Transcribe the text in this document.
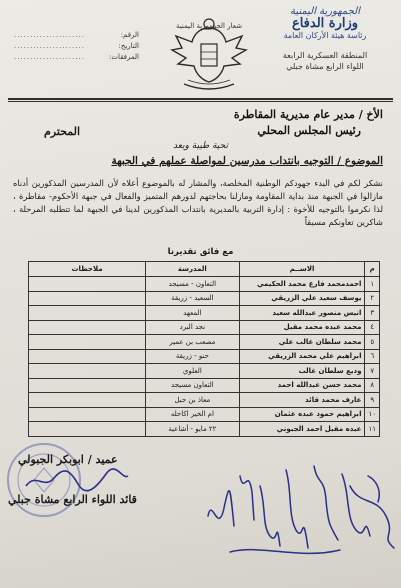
الجمهورية اليمنية
وزارة الدفاع
رئاسة هيئة الأركان العامة
المنطقة العسكرية الرابعة
اللواء الرابع مشاة جبلي
شعار الجمهورية اليمنية
الرقم:
......................
التاريخ:
......................
المرفقات:
......................
الأخ / مدير عام مديرية المقاطرة
رئيس المجلس المحلي
المحترم
تحية طيبة وبعد
الموضوع / التوجيه بانتداب مدرسين لمواصلة عملهم في الجبهة
نشكر لكم في البدء جهودكم الوطنية المخلصة، والمشار له بالموضوع أعلاه لأن المدرسين المذكورين أدناه مازالوا في الجبهة منذ بداية المقاومة ومازلنا بحاجتهم لدورهم المتميز والفعال في جبهة الأحكوم- مقاطرة ، لذا نكرموا بالتوجيه للأخوة : إدارة التربية بالمديرية بانتداب المذكورين لدينا في الجبهة لما تتطلبه المرحلة ، شاكرين تعاونكم مسبقاً
مع فائق تقديرنا
م	الاســم	المدرسة	ملاحظات
١	احمدمحمد فارع محمد الحكيمي	التعاون - مسيجد	
٢	يوسف سعيد علي الزريقي	السعيد - زريقة	
٣	انيس منصور عبدالله سعيد	المعهد	
٤	محمد عبده محمد مقبل	نجد البرد	
٥	محمد سلطان غالب علي	مصعب بن عمير	
٦	ابراهيم علي محمد الزريقي	حنو - زريقة	
٧	وديع سلطان غالب	العلوي	
٨	محمد حسن عبدالله احمد	التعاون مسيجد	
٩	عارف محمد قائد	معاذ بن جبل	
١٠	ابراهيم حمود عبده عثمان	ام الخير اكاحله	
١١	عبده مقبل احمد الجبوني	٢٢ مايو - أشاعية	
عميد / ابوبكر الجبولي
قائد اللواء الرابع مشاة جبلي
